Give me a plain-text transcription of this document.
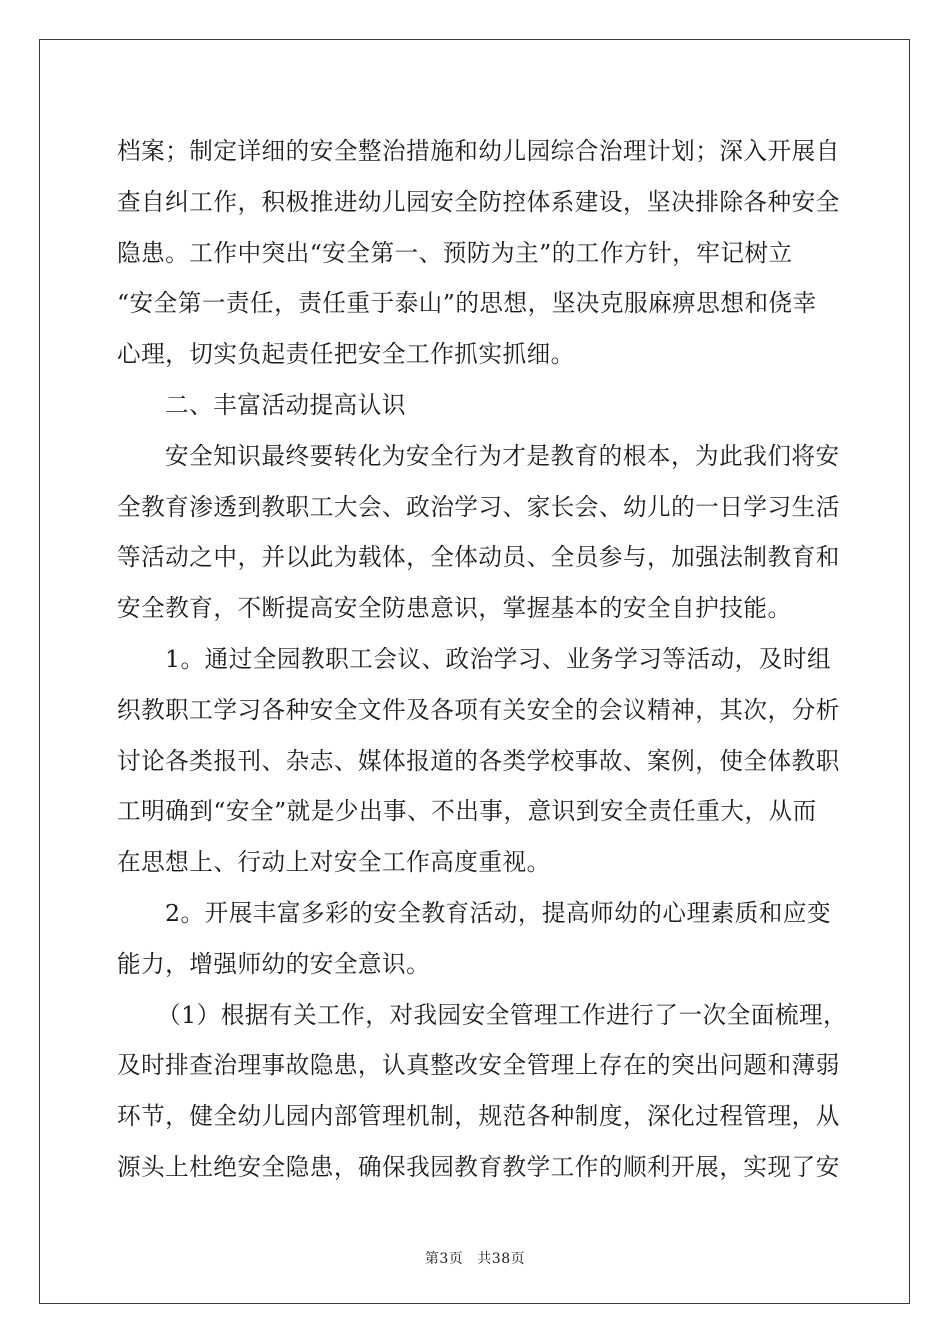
档案；制定详细的安全整治措施和幼儿园综合治理计划；深入开展自
查自纠工作，积极推进幼儿园安全防控体系建设，坚决排除各种安全
隐患。工作中突出“安全第一、预防为主”的工作方针，牢记树立
“安全第一责任，责任重于泰山”的思想，坚决克服麻痹思想和侥幸
心理，切实负起责任把安全工作抓实抓细。
二、丰富活动提高认识
安全知识最终要转化为安全行为才是教育的根本，为此我们将安
全教育渗透到教职工大会、政治学习、家长会、幼儿的一日学习生活
等活动之中，并以此为载体，全体动员、全员参与，加强法制教育和
安全教育，不断提高安全防患意识，掌握基本的安全自护技能。
1。通过全园教职工会议、政治学习、业务学习等活动，及时组
织教职工学习各种安全文件及各项有关安全的会议精神，其次，分析
讨论各类报刊、杂志、媒体报道的各类学校事故、案例，使全体教职
工明确到“安全”就是少出事、不出事，意识到安全责任重大，从而
在思想上、行动上对安全工作高度重视。
2。开展丰富多彩的安全教育活动，提高师幼的心理素质和应变
能力，增强师幼的安全意识。
（1）根据有关工作，对我园安全管理工作进行了一次全面梳理，
及时排查治理事故隐患，认真整改安全管理上存在的突出问题和薄弱
环节，健全幼儿园内部管理机制，规范各种制度，深化过程管理，从
源头上杜绝安全隐患，确保我园教育教学工作的顺利开展，实现了安
第3页 共38页
